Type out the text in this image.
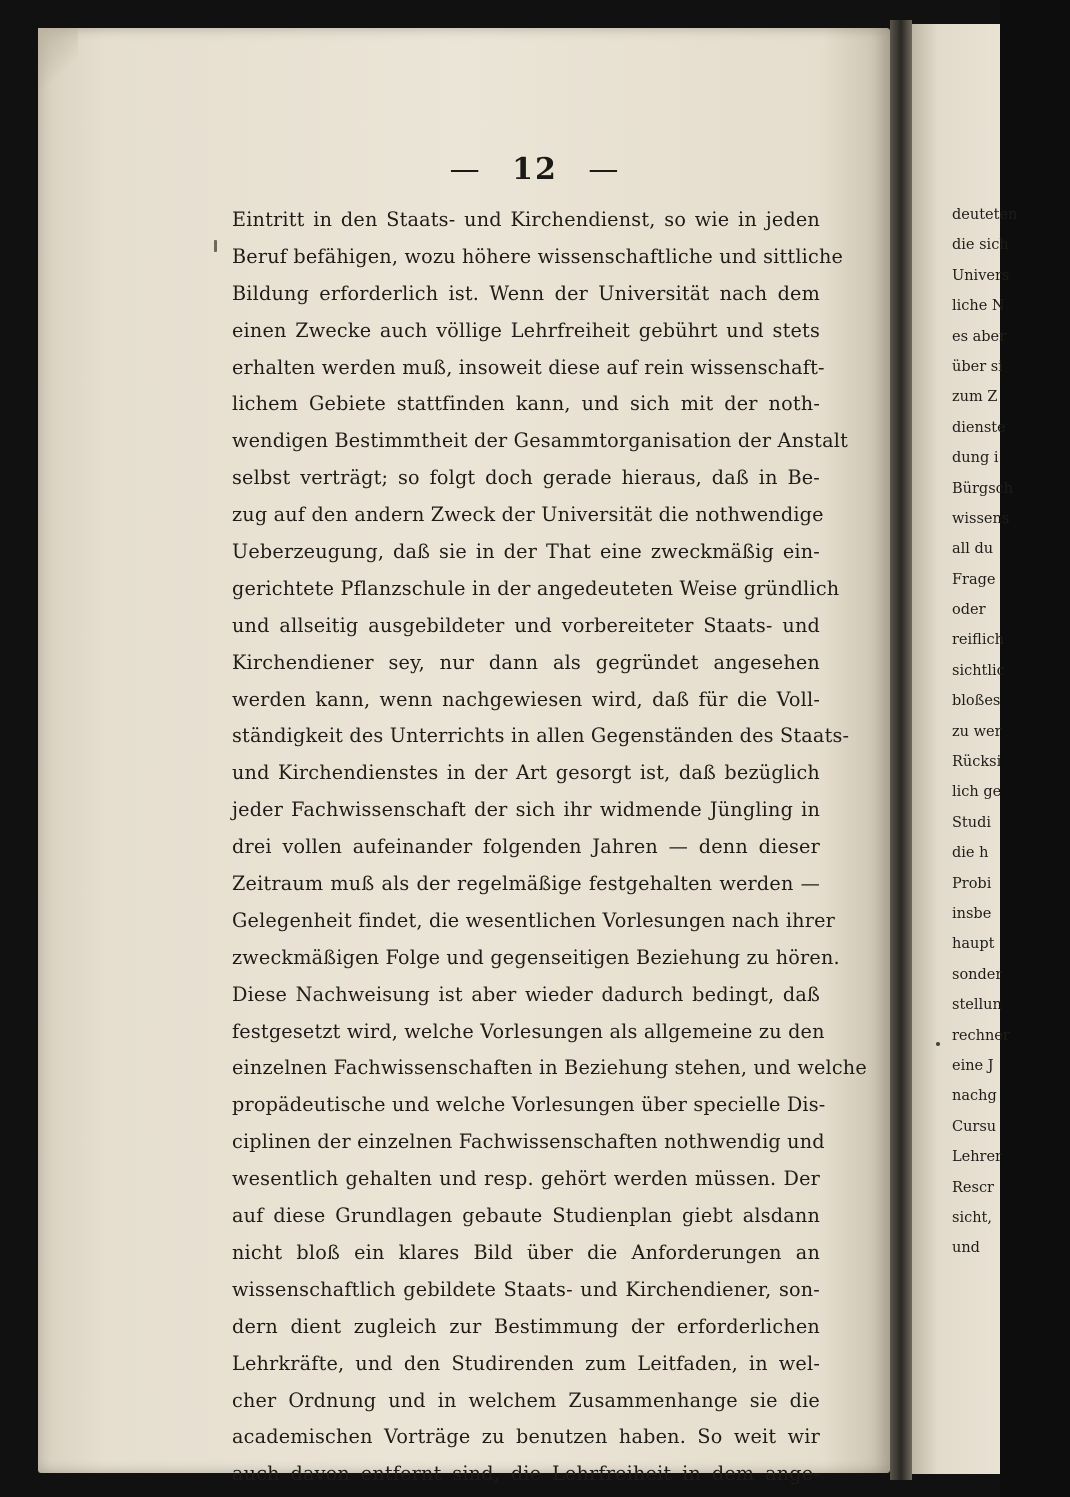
— 12 —
Eintritt in den Staats- und Kirchendienst, so wie in jeden
Beruf befähigen, wozu höhere wissenschaftliche und sittliche
Bildung erforderlich ist. Wenn der Universität nach dem
einen Zwecke auch völlige Lehrfreiheit gebührt und stets
erhalten werden muß, insoweit diese auf rein wissenschaft-
lichem Gebiete stattfinden kann, und sich mit der noth-
wendigen Bestimmtheit der Gesammtorganisation der Anstalt
selbst verträgt; so folgt doch gerade hieraus, daß in Be-
zug auf den andern Zweck der Universität die nothwendige
Ueberzeugung, daß sie in der That eine zweckmäßig ein-
gerichtete Pflanzschule in der angedeuteten Weise gründlich
und allseitig ausgebildeter und vorbereiteter Staats- und
Kirchendiener sey, nur dann als gegründet angesehen
werden kann, wenn nachgewiesen wird, daß für die Voll-
ständigkeit des Unterrichts in allen Gegenständen des Staats-
und Kirchendienstes in der Art gesorgt ist, daß bezüglich
jeder Fachwissenschaft der sich ihr widmende Jüngling in
drei vollen aufeinander folgenden Jahren — denn dieser
Zeitraum muß als der regelmäßige festgehalten werden —
Gelegenheit findet, die wesentlichen Vorlesungen nach ihrer
zweckmäßigen Folge und gegenseitigen Beziehung zu hören.
Diese Nachweisung ist aber wieder dadurch bedingt, daß
festgesetzt wird, welche Vorlesungen als allgemeine zu den
einzelnen Fachwissenschaften in Beziehung stehen, und welche
propädeutische und welche Vorlesungen über specielle Dis-
ciplinen der einzelnen Fachwissenschaften nothwendig und
wesentlich gehalten und resp. gehört werden müssen. Der
auf diese Grundlagen gebaute Studienplan giebt alsdann
nicht bloß ein klares Bild über die Anforderungen an
wissenschaftlich gebildete Staats- und Kirchendiener, son-
dern dient zugleich zur Bestimmung der erforderlichen
Lehrkräfte, und den Studirenden zum Leitfaden, in wel-
cher Ordnung und in welchem Zusammenhange sie die
academischen Vorträge zu benutzen haben. So weit wir
auch davon entfernt sind, die Lehrfreiheit in dem ange-
deuteten
die sich
Univers
liche N
es aber
über si
zum Z
dienste
dung i
Bürgsch
wissens
all du
Frage
oder
reiflich
sichtlic
bloßes
zu wer
Rücksi
lich ge
Studi
die h
Probi
insbe
haupt
sonder
stellun
rechner
eine J
nachg
Cursu
Lehrer
Rescr
sicht,
und
